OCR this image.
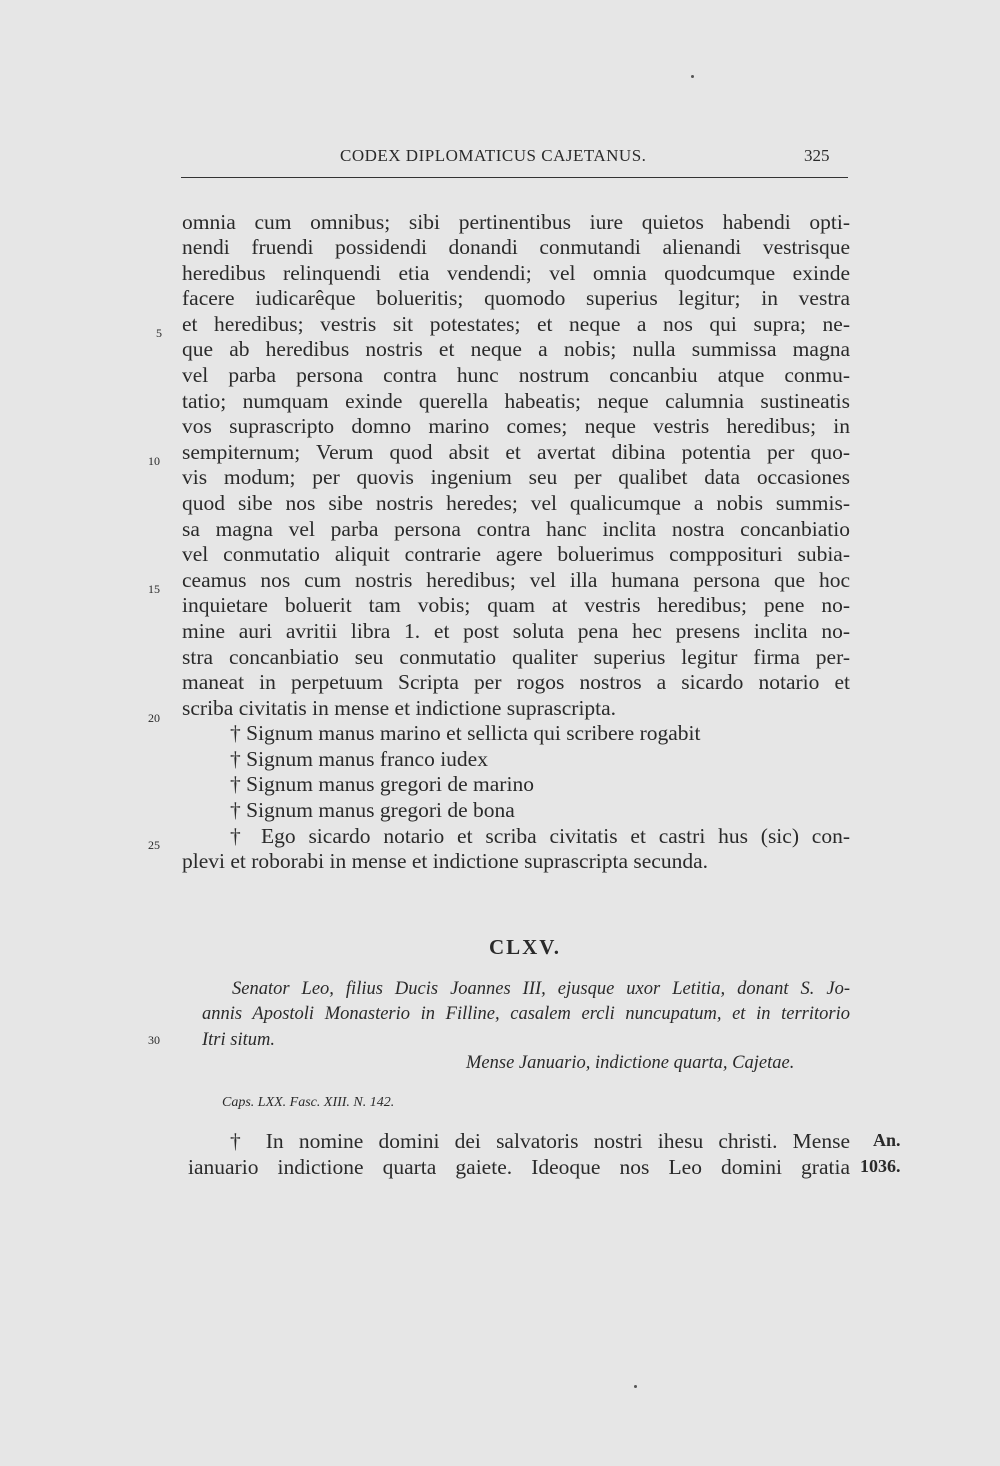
CODEX DIPLOMATICUS CAJETANUS.	325
omnia cum omnibus; sibi pertinentibus iure quietos habendi opti-
nendi fruendi possidendi donandi conmutandi alienandi vestrisque
heredibus relinquendi etia vendendi; vel omnia quodcumque exinde
facere iudicarêque bolueritis; quomodo superius legitur; in vestra
et heredibus; vestris sit potestates; et neque a nos qui supra; ne-
que ab heredibus nostris et neque a nobis; nulla summissa magna
vel parba persona contra hunc nostrum concanbiu atque conmu-
tatio; numquam exinde querella habeatis; neque calumnia sustineatis
vos suprascripto domno marino comes; neque vestris heredibus; in
sempiternum; Verum quod absit et avertat dibina potentia per quo-
vis modum; per quovis ingenium seu per qualibet data occasiones
quod sibe nos sibe nostris heredes; vel qualicumque a nobis summis-
sa magna vel parba persona contra hanc inclita nostra concanbiatio
vel conmutatio aliquit contrarie agere boluerimus compposituri subia-
ceamus nos cum nostris heredibus; vel illa humana persona que hoc
inquietare boluerit tam vobis; quam at vestris heredibus; pene no-
mine auri avritii libra 1. et post soluta pena hec presens inclita no-
stra concanbiatio seu conmutatio qualiter superius legitur firma per-
maneat in perpetuum Scripta per rogos nostros a sicardo notario et
scriba civitatis in mense et indictione suprascripta.
† Signum manus marino et sellicta qui scribere rogabit
† Signum manus franco iudex
† Signum manus gregori de marino
† Signum manus gregori de bona
† Ego sicardo notario et scriba civitatis et castri hus (sic) con-
plevi et roborabi in mense et indictione suprascripta secunda.
5
10
15
20
25
30
CLXV.
Senator Leo, filius Ducis Joannes III, ejusque uxor Letitia, donant S. Jo-
annis Apostoli Monasterio in Filline, casalem ercli nuncupatum, et in territorio
Itri situm.
Mense Januario, indictione quarta, Cajetae.
Caps. LXX. Fasc. XIII. N. 142.
† In nomine domini dei salvatoris nostri ihesu christi. Mense
ianuario indictione quarta gaiete. Ideoque nos Leo domini gratia
An.
1036.
